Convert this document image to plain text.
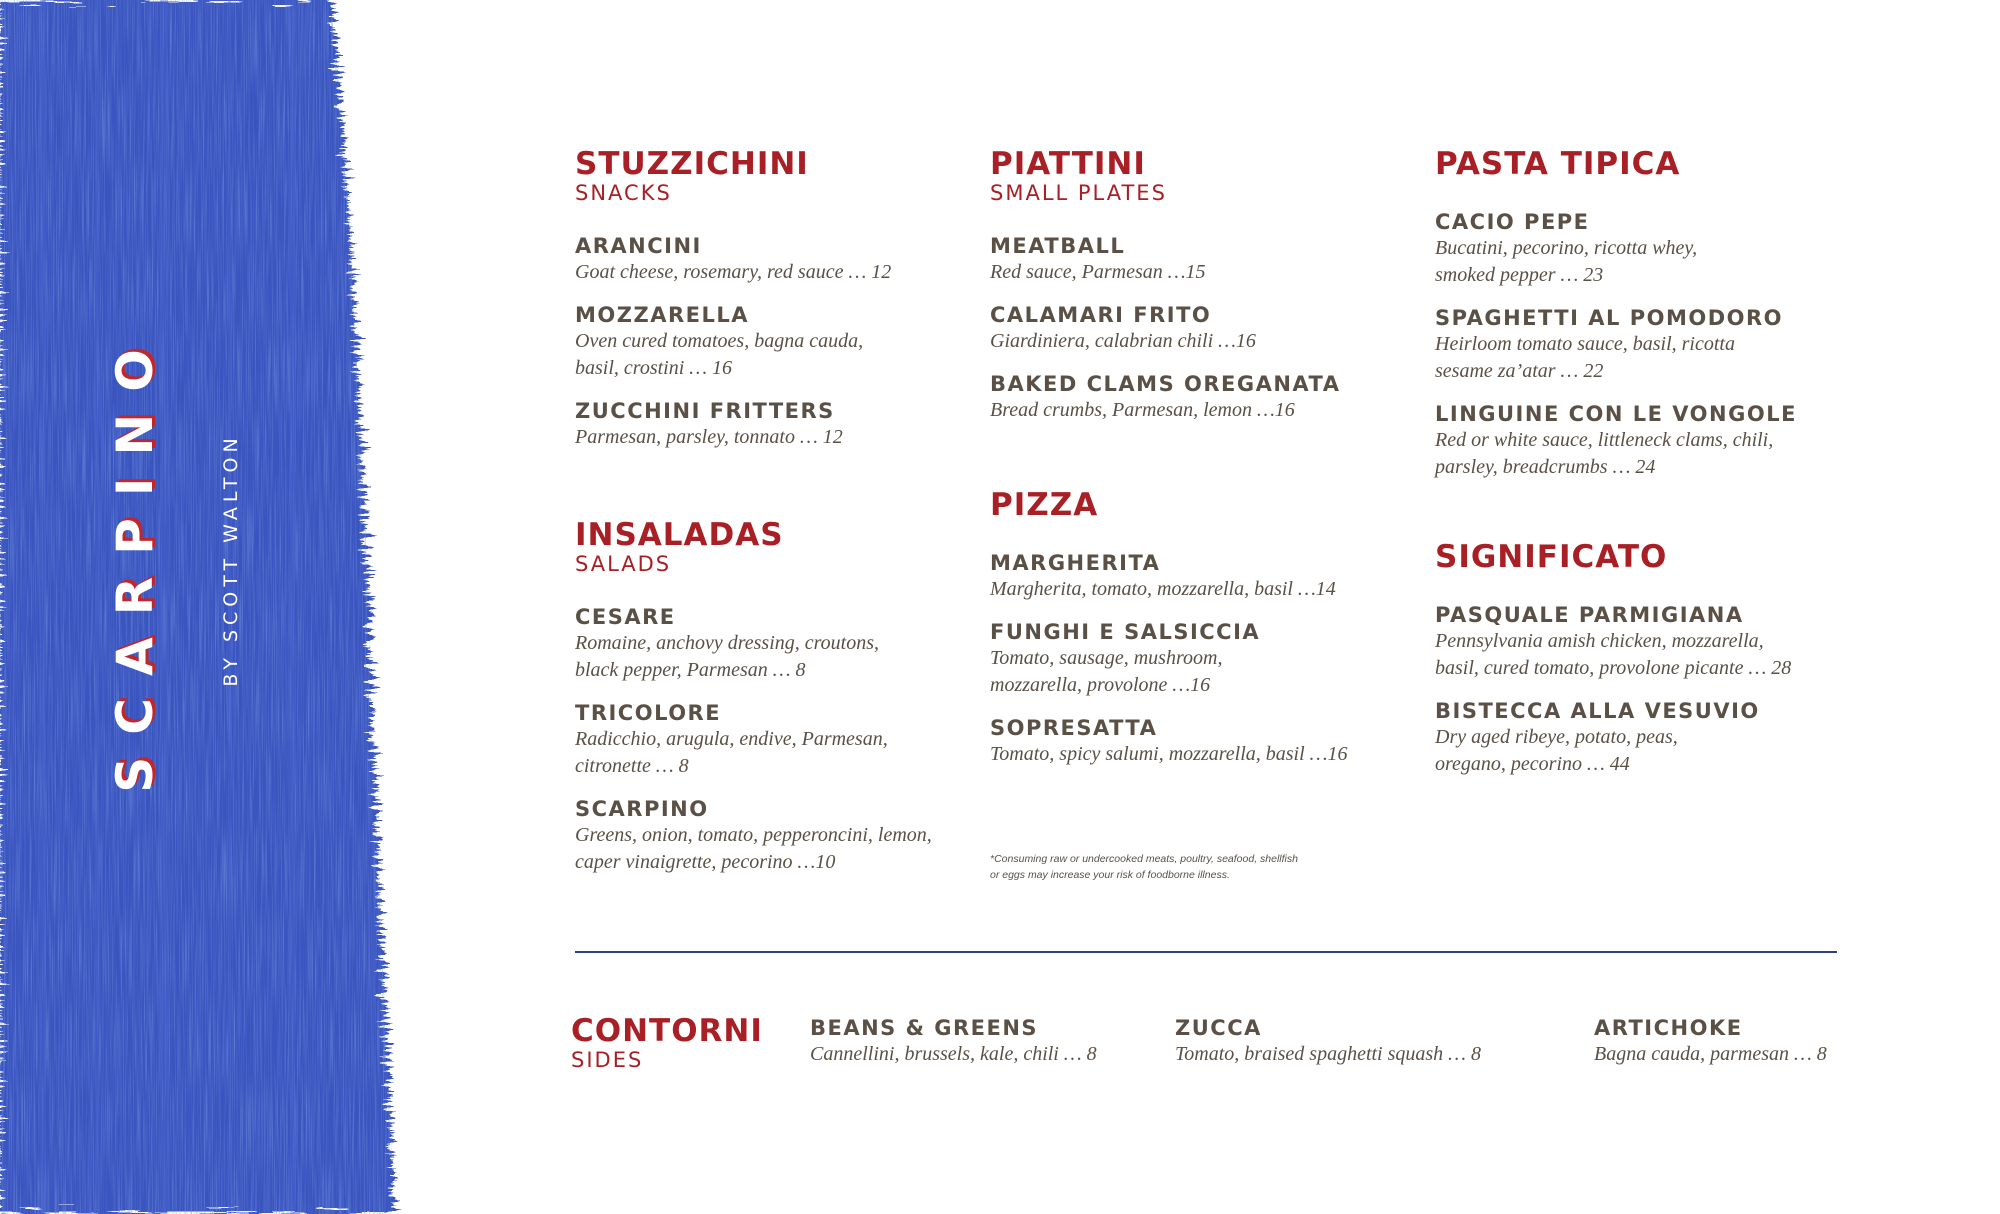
SCARPINO	BY SCOTT WALTON
STUZZICHINI
SNACKS
ARANCINI
Goat cheese, rosemary, red sauce … 12
MOZZARELLA
Oven cured tomatoes, bagna cauda,
basil, crostini … 16
ZUCCHINI FRITTERS
Parmesan, parsley, tonnato … 12
INSALADAS
SALADS
CESARE
Romaine, anchovy dressing, croutons,
black pepper, Parmesan … 8
TRICOLORE
Radicchio, arugula, endive, Parmesan,
citronette … 8
SCARPINO
Greens, onion, tomato, pepperoncini, lemon,
caper vinaigrette, pecorino …10
PIATTINI
SMALL PLATES
MEATBALL
Red sauce, Parmesan …15
CALAMARI FRITO
Giardiniera, calabrian chili …16
BAKED CLAMS OREGANATA
Bread crumbs, Parmesan, lemon …16
PIZZA
MARGHERITA
Margherita, tomato, mozzarella, basil …14
FUNGHI E SALSICCIA
Tomato, sausage, mushroom,
mozzarella, provolone …16
SOPRESATTA
Tomato, spicy salumi, mozzarella, basil …16
*Consuming raw or undercooked meats, poultry, seafood, shellfish
or eggs may increase your risk of foodborne illness.
PASTA TIPICA
CACIO PEPE
Bucatini, pecorino, ricotta whey,
smoked pepper … 23
SPAGHETTI AL POMODORO
Heirloom tomato sauce, basil, ricotta
sesame za’atar … 22
LINGUINE CON LE VONGOLE
Red or white sauce, littleneck clams, chili,
parsley, breadcrumbs … 24
SIGNIFICATO
PASQUALE PARMIGIANA
Pennsylvania amish chicken, mozzarella,
basil, cured tomato, provolone picante … 28
BISTECCA ALLA VESUVIO
Dry aged ribeye, potato, peas,
oregano, pecorino … 44
CONTORNI
SIDES
BEANS & GREENS
Cannellini, brussels, kale, chili … 8
ZUCCA
Tomato, braised spaghetti squash … 8
ARTICHOKE
Bagna cauda, parmesan … 8
